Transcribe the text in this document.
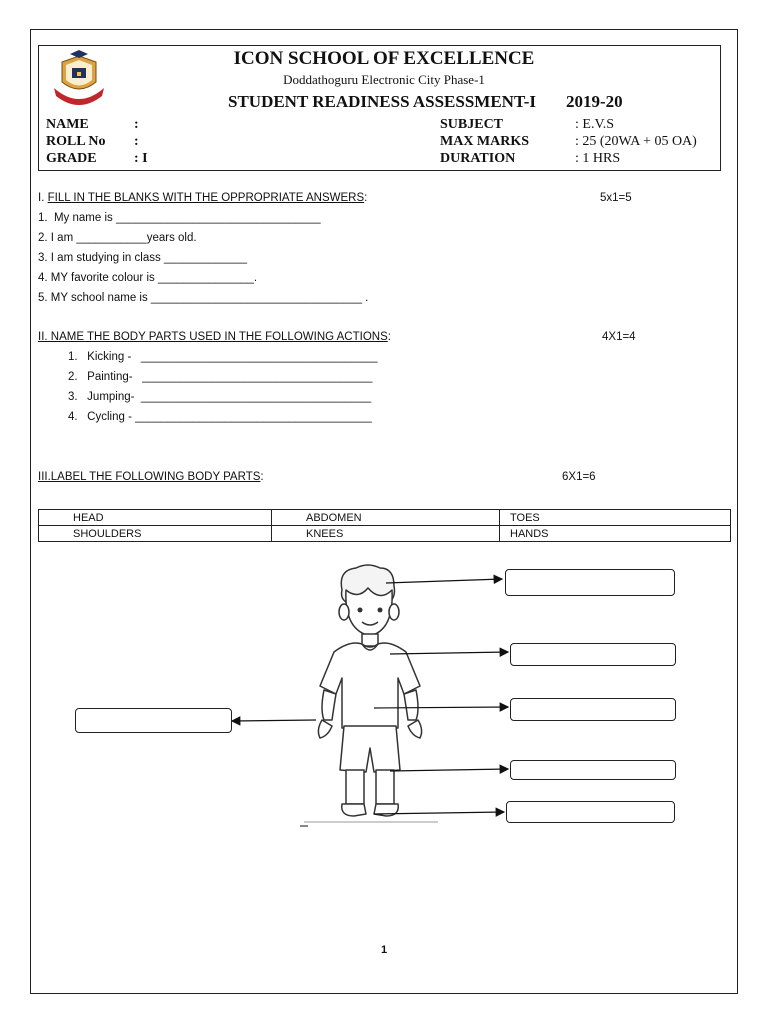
ICON SCHOOL OF EXCELLENCE
Doddathoguru Electronic City Phase-1
STUDENT READINESS ASSESSMENT-I 2019-20
NAME	:
ROLL No :
GRADE	: I
SUBJECT	: E.V.S
MAX MARKS	: 25 (20WA + 05 OA)
DURATION	: 1 HRS
I. FILL IN THE BLANKS WITH THE OPPROPRIATE ANSWERS:	5x1=5
1.  My name is ________________________________
2. I am ___________years old.
3. I am studying in class _____________
4. MY favorite colour is _______________.
5. MY school name is _________________________________ .
II. NAME THE BODY PARTS USED IN THE FOLLOWING ACTIONS:	4X1=4
1.   Kicking -   _____________________________________
2.   Painting-   ____________________________________
3.   Jumping-  ____________________________________
4.   Cycling - _____________________________________
III.LABEL THE FOLLOWING BODY PARTS:	6X1=6
HEAD	ABDOMEN	TOES
SHOULDERS	KNEES	HANDS
1
